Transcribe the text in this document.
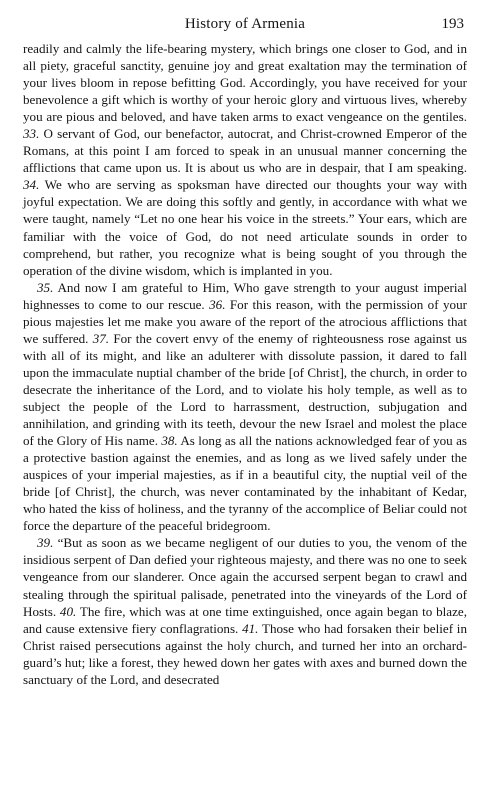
History of Armenia	193

readily and calmly the life-bearing mystery, which brings one closer to God, and in all piety, graceful sanctity, genuine joy and great exaltation may the termination of your lives bloom in repose befitting God. Accordingly, you have received for your benevolence a gift which is worthy of your heroic glory and virtuous lives, whereby you are pious and beloved, and have taken arms to exact vengeance on the gentiles. 33. O servant of God, our benefactor, autocrat, and Christ-crowned Emperor of the Romans, at this point I am forced to speak in an unusual manner concerning the afflictions that came upon us. It is about us who are in despair, that I am speaking. 34. We who are serving as spoksman have directed our thoughts your way with joyful expectation. We are doing this softly and gently, in accordance with what we were taught, namely “Let no one hear his voice in the streets.” Your ears, which are familiar with the voice of God, do not need articulate sounds in order to comprehend, but rather, you recognize what is being sought of you through the operation of the divine wisdom, which is implanted in you.

35. And now I am grateful to Him, Who gave strength to your august imperial highnesses to come to our rescue. 36. For this reason, with the permission of your pious majesties let me make you aware of the report of the atrocious afflictions that we suffered. 37. For the covert envy of the enemy of righteousness rose against us with all of its might, and like an adulterer with dissolute passion, it dared to fall upon the immaculate nuptial chamber of the bride [of Christ], the church, in order to desecrate the inheritance of the Lord, and to violate his holy temple, as well as to subject the people of the Lord to harrassment, destruction, subjugation and annihilation, and grinding with its teeth, devour the new Israel and molest the place of the Glory of His name. 38. As long as all the nations acknowledged fear of you as a protective bastion against the enemies, and as long as we lived safely under the auspices of your imperial majesties, as if in a beautiful city, the nuptial veil of the bride [of Christ], the church, was never contaminated by the inhabitant of Kedar, who hated the kiss of holiness, and the tyranny of the accomplice of Beliar could not force the departure of the peaceful bridegroom.

39. “But as soon as we became negligent of our duties to you, the venom of the insidious serpent of Dan defied your righteous majesty, and there was no one to seek vengeance from our slanderer. Once again the accursed serpent began to crawl and stealing through the spiritual palisade, penetrated into the vineyards of the Lord of Hosts. 40. The fire, which was at one time extinguished, once again began to blaze, and cause extensive fiery conflagrations. 41. Those who had forsaken their belief in Christ raised persecutions against the holy church, and turned her into an orchard-guard’s hut; like a forest, they hewed down her gates with axes and burned down the sanctuary of the Lord, and desecrated
